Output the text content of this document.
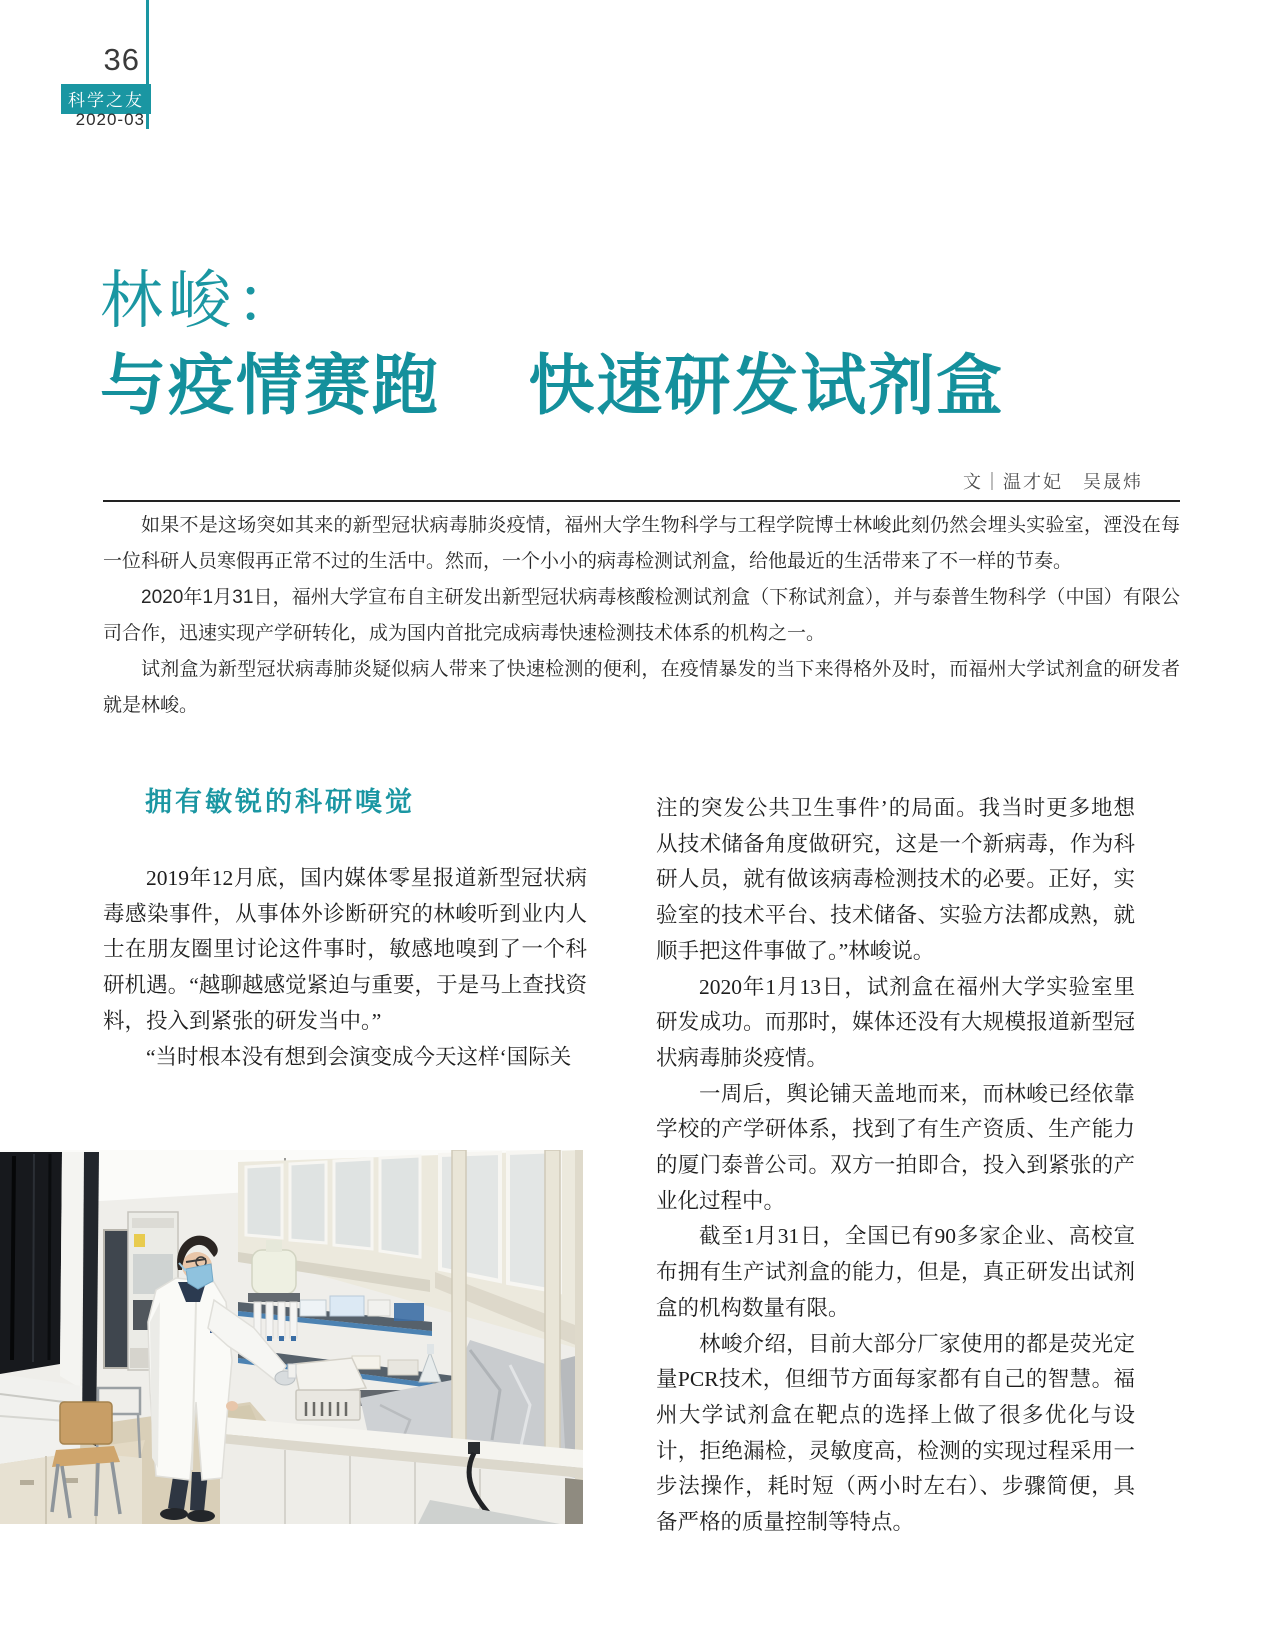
36
科学之友
2020-03
林峻：
与疫情赛跑　 快速研发试剂盒
文｜温才妃　吴晟炜

如果不是这场突如其来的新型冠状病毒肺炎疫情，福州大学生物科学与工程学院博士林峻此刻仍然会埋头实验室，湮没在每一位科研人员寒假再正常不过的生活中。然而，一个小小的病毒检测试剂盒，给他最近的生活带来了不一样的节奏。

2020年1月31日，福州大学宣布自主研发出新型冠状病毒核酸检测试剂盒（下称试剂盒），并与泰普生物科学（中国）有限公司合作，迅速实现产学研转化，成为国内首批完成病毒快速检测技术体系的机构之一。

试剂盒为新型冠状病毒肺炎疑似病人带来了快速检测的便利，在疫情暴发的当下来得格外及时，而福州大学试剂盒的研发者就是林峻。

拥有敏锐的科研嗅觉

2019年12月底，国内媒体零星报道新型冠状病毒感染事件，从事体外诊断研究的林峻听到业内人士在朋友圈里讨论这件事时，敏感地嗅到了一个科研机遇。“越聊越感觉紧迫与重要，于是马上查找资料，投入到紧张的研发当中。”

“当时根本没有想到会演变成今天这样‘国际关

注的突发公共卫生事件’的局面。我当时更多地想从技术储备角度做研究，这是一个新病毒，作为科研人员，就有做该病毒检测技术的必要。正好，实验室的技术平台、技术储备、实验方法都成熟，就顺手把这件事做了。”林峻说。

2020年1月13日，试剂盒在福州大学实验室里研发成功。而那时，媒体还没有大规模报道新型冠状病毒肺炎疫情。

一周后，舆论铺天盖地而来，而林峻已经依靠学校的产学研体系，找到了有生产资质、生产能力的厦门泰普公司。双方一拍即合，投入到紧张的产业化过程中。

截至1月31日，全国已有90多家企业、高校宣布拥有生产试剂盒的能力，但是，真正研发出试剂盒的机构数量有限。

林峻介绍，目前大部分厂家使用的都是荧光定量PCR技术，但细节方面每家都有自己的智慧。福州大学试剂盒在靶点的选择上做了很多优化与设计，拒绝漏检，灵敏度高，检测的实现过程采用一步法操作，耗时短（两小时左右）、步骤简便，具备严格的质量控制等特点。
